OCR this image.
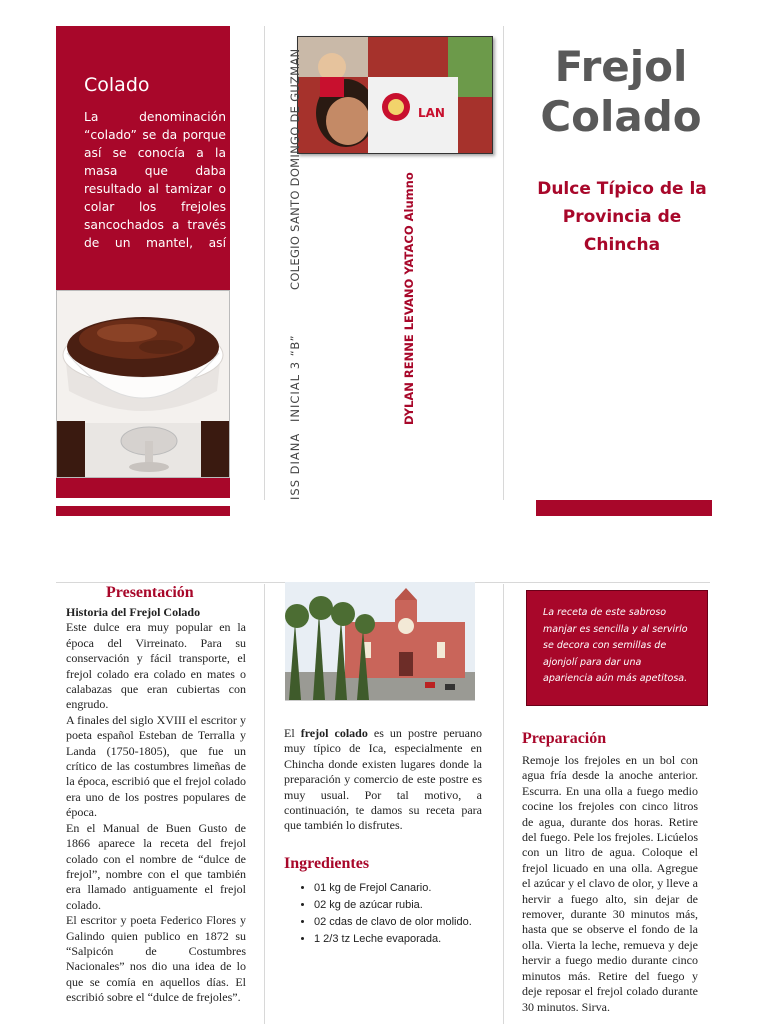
Colado
La denominación “colado” se da porque así se conocía a la masa que daba resultado al tamizar o colar los frejoles sancochados a través de un mantel, así
LAN
ISS DIANA
INICIAL 3 “B”
COLEGIO SANTO DOMINGO DE GUZMAN
DYLAN RENNE LEVANO YATACO Alumno
Frejol
Colado
Dulce Típico de la Provincia de Chincha
Presentación
Historia del Frejol Colado
Este dulce era muy popular en la época del Virreinato. Para su conservación y fácil transporte, el frejol colado era colado en mates o calabazas que eran cubiertas con engrudo.
A finales del siglo XVIII el escritor y poeta español Esteban de Terralla y Landa (1750-1805), que fue un crítico de las costumbres limeñas de la época, escribió que el frejol colado era uno de los postres populares de época.
En el Manual de Buen Gusto de 1866 aparece la receta del frejol colado con el nombre de “dulce de frejol”, nombre con el que también era llamado antiguamente el frejol colado.
El escritor y poeta Federico Flores y Galindo quien publico en 1872 su “Salpicón de Costumbres Nacionales” nos dio una idea de lo que se comía en aquellos días. El escribió sobre el “dulce de frejoles”.
El frejol colado es un postre peruano muy típico de Ica, especialmente en Chincha donde existen lugares donde la preparación y comercio de este postre es muy usual. Por tal motivo, a continuación, te damos su receta para que también lo disfrutes.
Ingredientes
• 01 kg de Frejol Canario.
• 02 kg de azúcar rubia.
• 02 cdas de clavo de olor molido.
• 1 2/3 tz Leche evaporada.
La receta de este sabroso manjar es sencilla y al servirlo se decora con semillas de ajonjolí para dar una apariencia aún más apetitosa.
Preparación
Remoje los frejoles en un bol con agua fría desde la anoche anterior. Escurra. En una olla a fuego medio cocine los frejoles con cinco litros de agua, durante dos horas. Retire del fuego. Pele los frejoles. Licúelos con un litro de agua. Coloque el frejol licuado en una olla. Agregue el azúcar y el clavo de olor, y lleve a hervir a fuego alto, sin dejar de remover, durante 30 minutos más, hasta que se observe el fondo de la olla. Vierta la leche, remueva y deje hervir a fuego medio durante cinco minutos más. Retire del fuego y deje reposar el frejol colado durante 30 minutos. Sirva.
